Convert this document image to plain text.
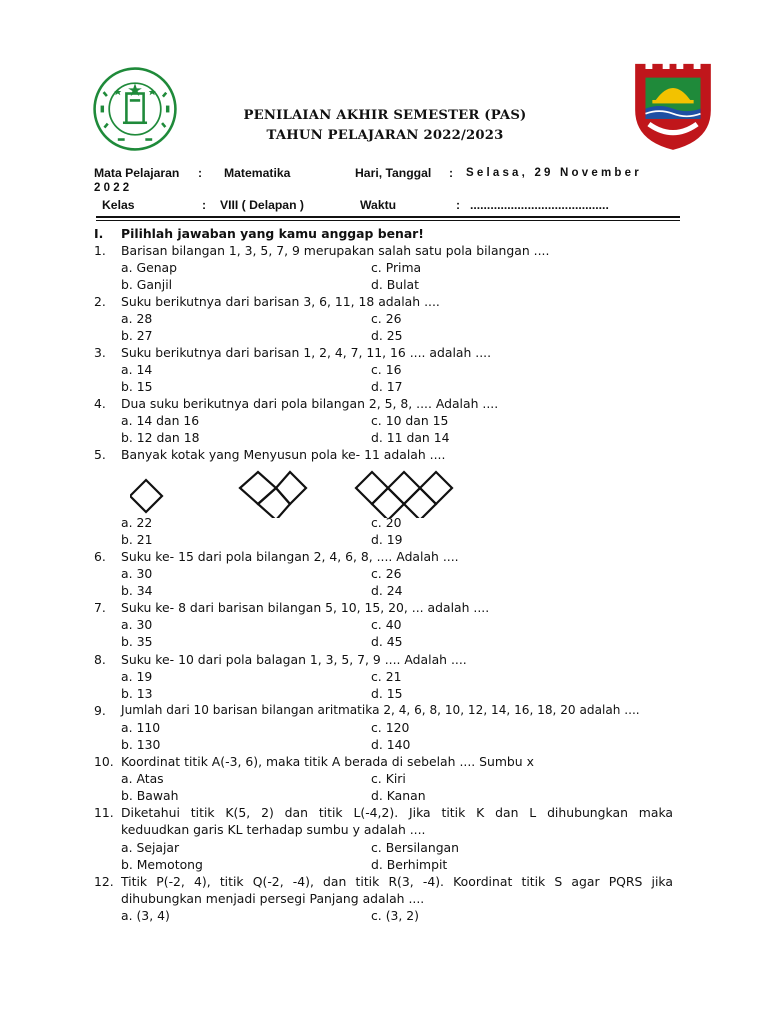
PENILAIAN AKHIR SEMESTER (PAS)
TAHUN PELAJARAN 2022/2023
Mata Pelajaran : Matematika	Hari, Tanggal : Selasa, 29 November
2022
Kelas	: VIII ( Delapan )	Waktu	: .........................................
I. Pilihlah jawaban yang kamu anggap benar!
1. Barisan bilangan 1, 3, 5, 7, 9 merupakan salah satu pola bilangan ....
a. Genap	c. Prima
b. Ganjil	d. Bulat
2. Suku berikutnya dari barisan 3, 6, 11, 18 adalah ....
a. 28	c. 26
b. 27	d. 25
3. Suku berikutnya dari barisan 1, 2, 4, 7, 11, 16 .... adalah ....
a. 14	c. 16
b. 15	d. 17
4. Dua suku berikutnya dari pola bilangan 2, 5, 8, .... Adalah ....
a. 14 dan 16	c. 10 dan 15
b. 12 dan 18	d. 11 dan 14
5. Banyak kotak yang Menyusun pola ke- 11 adalah ....
a. 22	c. 20
b. 21	d. 19
6. Suku ke- 15 dari pola bilangan 2, 4, 6, 8, .... Adalah ....
a. 30	c. 26
b. 34	d. 24
7. Suku ke- 8 dari barisan bilangan 5, 10, 15, 20, ... adalah ....
a. 30	c. 40
b. 35	d. 45
8. Suku ke- 10 dari pola balagan 1, 3, 5, 7, 9 .... Adalah ....
a. 19	c. 21
b. 13	d. 15
9. Jumlah dari 10 barisan bilangan aritmatika 2, 4, 6, 8, 10, 12, 14, 16, 18, 20 adalah ....
a. 110	c. 120
b. 130	d. 140
10. Koordinat titik A(-3, 6), maka titik A berada di sebelah .... Sumbu x
a. Atas	c. Kiri
b. Bawah	d. Kanan
11. Diketahui titik K(5, 2) dan titik L(-4,2). Jika titik K dan L dihubungkan maka
keduudkan garis KL terhadap sumbu y adalah ....
a. Sejajar	c. Bersilangan
b. Memotong	d. Berhimpit
12. Titik P(-2, 4), titik Q(-2, -4), dan titik R(3, -4). Koordinat titik S agar PQRS jika
dihubungkan menjadi persegi Panjang adalah ....
a. (3, 4)	c. (3, 2)
